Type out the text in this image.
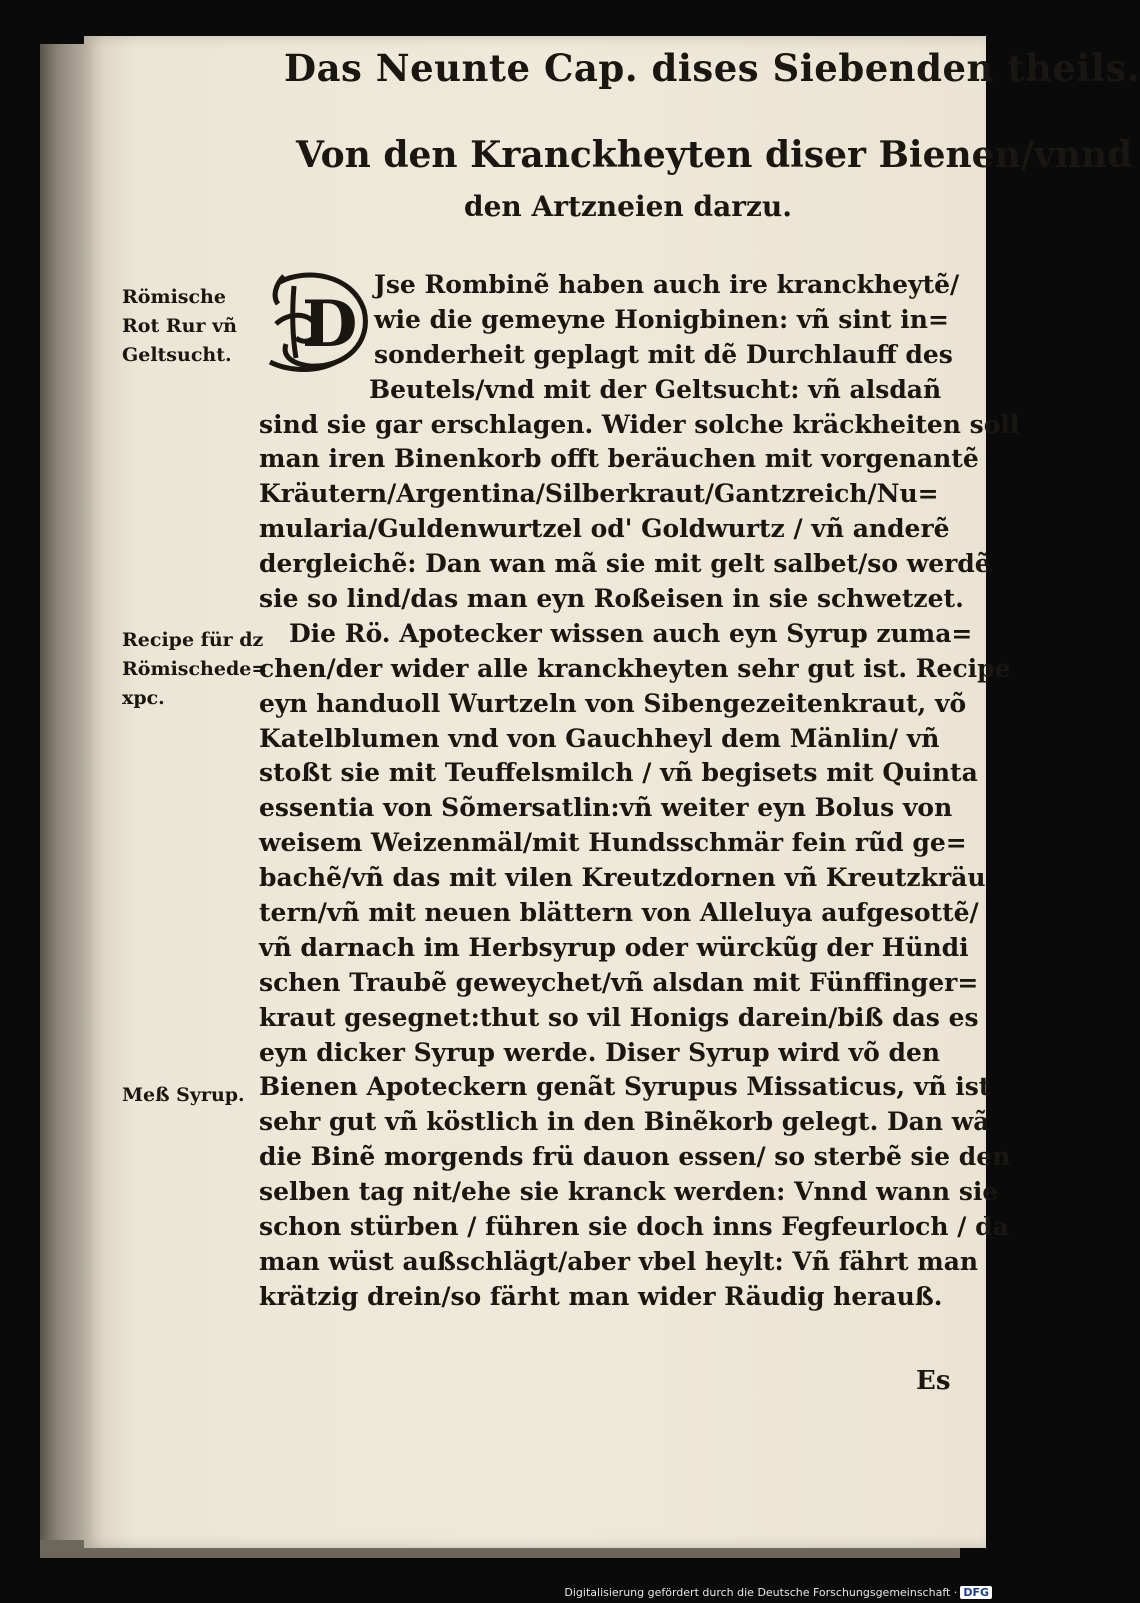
Das Neunte Cap. dises Siebenden theils.
Von den Kranckheyten diser Bienen/vnnd
den Artzneien darzu.
Römische
Rot Rur vñ
Geltsucht.
Recipe für dz
Römischede=
xpc.
Meß Syrup.
D
Jse Rombinẽ haben auch ire kranckheytẽ/
wie die gemeyne Honigbinen: vñ sint in=
sonderheit geplagt mit dẽ Durchlauff des
Beutels/vnd mit der Geltsucht: vñ alsdañ
sind sie gar erschlagen. Wider solche kräckheiten soll
man iren Binenkorb offt beräuchen mit vorgenantẽ
Kräutern/Argentina/Silberkraut/Gantzreich/Nu=
mularia/Guldenwurtzel od' Goldwurtz / vñ anderẽ
dergleichẽ: Dan wan mã sie mit gelt salbet/so werdẽ
sie so lind/das man eyn Roßeisen in sie schwetzet.
Die Rö. Apotecker wissen auch eyn Syrup zuma=
chen/der wider alle kranckheyten sehr gut ist. Recipe
eyn handuoll Wurtzeln von Sibengezeitenkraut, võ
Katelblumen vnd von Gauchheyl dem Mänlin/ vñ
stoßt sie mit Teuffelsmilch / vñ begisets mit Quinta
essentia von Sõmersatlin:vñ weiter eyn Bolus von
weisem Weizenmäl/mit Hundsschmär fein rũd ge=
bachẽ/vñ das mit vilen Kreutzdornen vñ Kreutzkräu
tern/vñ mit neuen blättern von Alleluya aufgesottẽ/
vñ darnach im Herbsyrup oder würckũg der Hündi
schen Traubẽ geweychet/vñ alsdan mit Fünffinger=
kraut gesegnet:thut so vil Honigs darein/biß das es
eyn dicker Syrup werde. Diser Syrup wird võ den
Bienen Apoteckern genãt Syrupus Missaticus, vñ ist
sehr gut vñ köstlich in den Binẽkorb gelegt. Dan wã
die Binẽ morgends frü dauon essen/ so sterbẽ sie den
selben tag nit/ehe sie kranck werden: Vnnd wann sie
schon stürben / führen sie doch inns Fegfeurloch / da
man wüst außschlägt/aber vbel heylt: Vñ fährt man
krätzig drein/so färht man wider Räudig herauß.
Es
Digitalisierung gefördert durch die Deutsche Forschungsgemeinschaft · DFG
